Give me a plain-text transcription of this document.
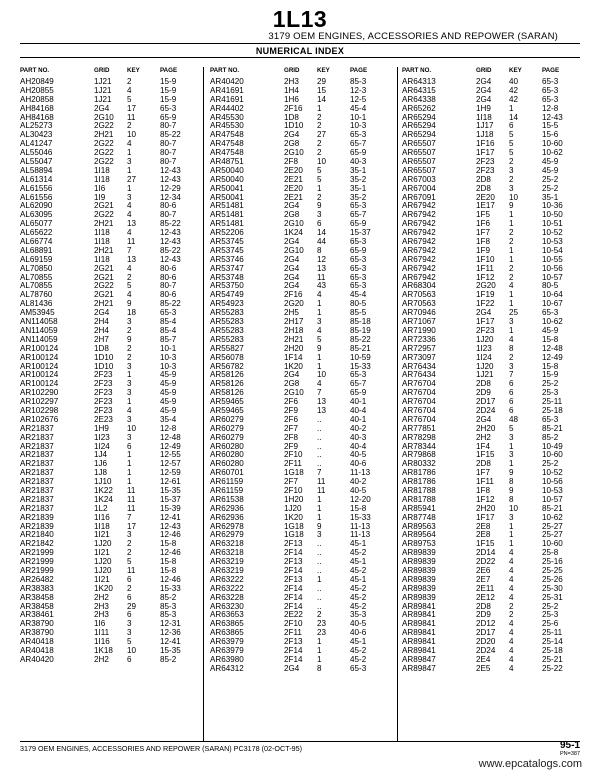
1L13
3179 OEM ENGINES, ACCESSORIES AND REPOWER (SARAN)
NUMERICAL INDEX
PART NO.	GRID	KEY	PAGE
AH20849	1J21 2	15-9
AH20855	1J21 4	15-9
AH20858	1J21 5	15-9
AH84168	2G4 17	65-3
AH84168	2G10 11	65-9
AL25273	2G22 2	80-7
AL30423	2H21 10	85-22
AL41247	2G22 4	80-7
AL55046	2G22 1	80-7
AL55047	2G22 3	80-7
AL58894	1I18 1	12-43
AL61314	1I18 27	12-43
AL61556	1I6	1	12-29
AL61556	1I9	3	12-34
AL62090	2G21 4	80-6
AL63095	2G22 4	80-7
AL65077	2H21 13	85-22
AL65622	1I18 4	12-43
AL66774	1I18 11	12-43
AL68891	2H21 7	85-22
AL69159	1I18 13	12-43
AL70850	2G21 4	80-6
AL70855	2G21 2	80-6
AL70855	2G22 5	80-7
AL78760	2G21 4	80-6
AL81436	2H21 9	85-22
AM53945	2G4 18	65-3
AN114058	2H4 3	85-4
AN114059	2H4 2	85-4
AN114059	2H7 9	85-7
AR100124	1D8 2	10-1
AR100124	1D10 2	10-3
AR100124	1D10 3	10-3
AR100124	2F23 1	45-9
AR100124	2F23 3	45-9
AR102290	2F23 3	45-9
AR102297	2F23 1	45-9
AR102298	2F23 4	45-9
AR102676	2E23 3	35-4
AR21837	1H9 10	12-8
AR21837	1I23 3	12-48
AR21837	1I24 6	12-49
AR21837	1J4 1	12-55
AR21837	1J6 1	12-57
AR21837	1J8 1	12-59
AR21837	1J10 1	12-61
AR21837	1K22 11	15-35
AR21837	1K24 11	15-37
AR21837	1L2 11	15-39
AR21839	1I16 7	12-41
AR21839	1I18 17	12-43
AR21840	1I21 3	12-46
AR21842	1J20 2	15-8
AR21999	1I21 2	12-46
AR21999	1J20 5	15-8
AR21999	1J20 11	15-8
AR26482	1I21 6	12-46
AR38383	1K20 2	15-33
AR38458	2H2 6	85-2
AR38458	2H3 29	85-3
AR38461	2H3 6	85-3
AR38790	1I6	3	12-31
AR38790	1I11 3	12-36
AR40418	1I16 5	12-41
AR40418	1K18 10	15-35
AR40420	2H2 6	85-2
PART NO.	GRID	KEY	PAGE
AR40420	2H3 29	85-3
AR41691	1H4 15	12-3
AR41691	1H6 14	12-5
AR44402	2F16 1	45-4
AR45530	1D8 2	10-1
AR45530	1D10 2	10-3
AR47548	2G4 27	65-3
AR47548	2G8 2	65-7
AR47548	2G10 2	65-9
AR48751	2F8 10	40-3
AR50040	2E20 5	35-1
AR50040	2E21 5	35-2
AR50041	2E20 1	35-1
AR50041	2E21 2	35-2
AR51481	2G4 9	65-3
AR51481	2G8 3	65-7
AR51481	2G10 6	65-9
AR52206	1K24 14	15-37
AR53745	2G4 44	65-3
AR53745	2G10 8	65-9
AR53746	2G4 12	65-3
AR53747	2G4 13	65-3
AR53748	2G4 11	65-3
AR53750	2G4 43	65-3
AR54749	2F16 4	45-4
AR54923	2G20 1	80-5
AR55283	2H5 1	85-5
AR55283	2H17 3	85-18
AR55283	2H18 4	85-19
AR55283	2H21 5	85-22
AR55827	2H20 9	85-21
AR56078	1F14 1	10-59
AR56782	1K20 1	15-33
AR58126	2G4 10	65-3
AR58126	2G8 4	65-7
AR58126	2G10 7	65-9
AR59465	2F6 13	40-1
AR59465	2F9 13	40-4
AR60279	2F6 ..	40-1
AR60279	2F7 ..	40-2
AR60279	2F8 ..	40-3
AR60280	2F9 ..	40-4
AR60280	2F10 ..	40-5
AR60280	2F11 ..	40-6
AR60701	1G18 7	11-13
AR61159	2F7 11	40-2
AR61159	2F10 11	40-5
AR61538	1H20 1	12-20
AR62936	1J20 1	15-8
AR62936	1K20 1	15-33
AR62978	1G18 9	11-13
AR62979	1G18 3	11-13
AR63218	2F13 ..	45-1
AR63218	2F14 ..	45-2
AR63219	2F13 ..	45-1
AR63219	2F14 ..	45-2
AR63222	2F13 1	45-1
AR63222	2F14 ..	45-2
AR63228	2F14 ..	45-2
AR63230	2F14 ..	45-2
AR63653	2E22 2	35-3
AR63865	2F10 23	40-5
AR63865	2F11 23	40-6
AR63979	2F13 1	45-1
AR63979	2F14 1	45-2
AR63980	2F14 1	45-2
AR64312	2G4 8	65-3
PART NO.	GRID	KEY	PAGE
AR64313	2G4 40	65-3
AR64315	2G4 42	65-3
AR64338	2G4 42	65-3
AR65262	1H9 1	12-8
AR65294	1I18 14	12-43
AR65294	1J17 6	15-5
AR65294	1J18 5	15-6
AR65507	1F16 5	10-60
AR65507	1F17 5	10-62
AR65507	2F23 2	45-9
AR65507	2F23 3	45-9
AR67003	2D8 2	25-2
AR67004	2D8 3	25-2
AR67091	2E20 10	35-1
AR67942	1E17 9	10-36
AR67942	1F5 1	10-50
AR67942	1F6 1	10-51
AR67942	1F7 2	10-52
AR67942	1F8 2	10-53
AR67942	1F9 1	10-54
AR67942	1F10 1	10-55
AR67942	1F11 2	10-56
AR67942	1F12 2	10-57
AR68304	2G20 4	80-5
AR70563	1F19 1	10-64
AR70563	1F22 1	10-67
AR70946	2G4 25	65-3
AR71067	1F17 3	10-62
AR71990	2F23 1	45-9
AR72336	1J20 4	15-8
AR72957	1I23 8	12-48
AR73097	1I24 2	12-49
AR76434	1J20 3	15-8
AR76434	1J21 7	15-9
AR76704	2D8 6	25-2
AR76704	2D9 6	25-3
AR76704	2D17 6	25-11
AR76704	2D24 6	25-18
AR76704	2G4 48	65-3
AR77851	2H20 5	85-21
AR78298	2H2 3	85-2
AR78344	1F4 1	10-49
AR79868	1F15 3	10-60
AR80332	2D8 1	25-2
AR81786	1F7 9	10-52
AR81786	1F11 8	10-56
AR81788	1F8 9	10-53
AR81788	1F12 8	10-57
AR85941	2H20 10	85-21
AR87748	1F17 3	10-62
AR89563	2E8 1	25-27
AR89564	2E8 1	25-27
AR89753	1F15 1	10-60
AR89839	2D14 4	25-8
AR89839	2D22 4	25-16
AR89839	2E6 4	25-25
AR89839	2E7 4	25-26
AR89839	2E11 4	25-30
AR89839	2E12 4	25-31
AR89841	2D8 2	25-2
AR89841	2D9 2	25-3
AR89841	2D12 4	25-6
AR89841	2D17 4	25-11
AR89841	2D20 4	25-14
AR89841	2D24 4	25-18
AR89847	2E4 4	25-21
AR89847	2E5 4	25-22
3179 OEM ENGINES, ACCESSORIES AND REPOWER (SARAN) PC3178 (02-OCT-95)	95-1
PN=387
www.epcatalogs.com
